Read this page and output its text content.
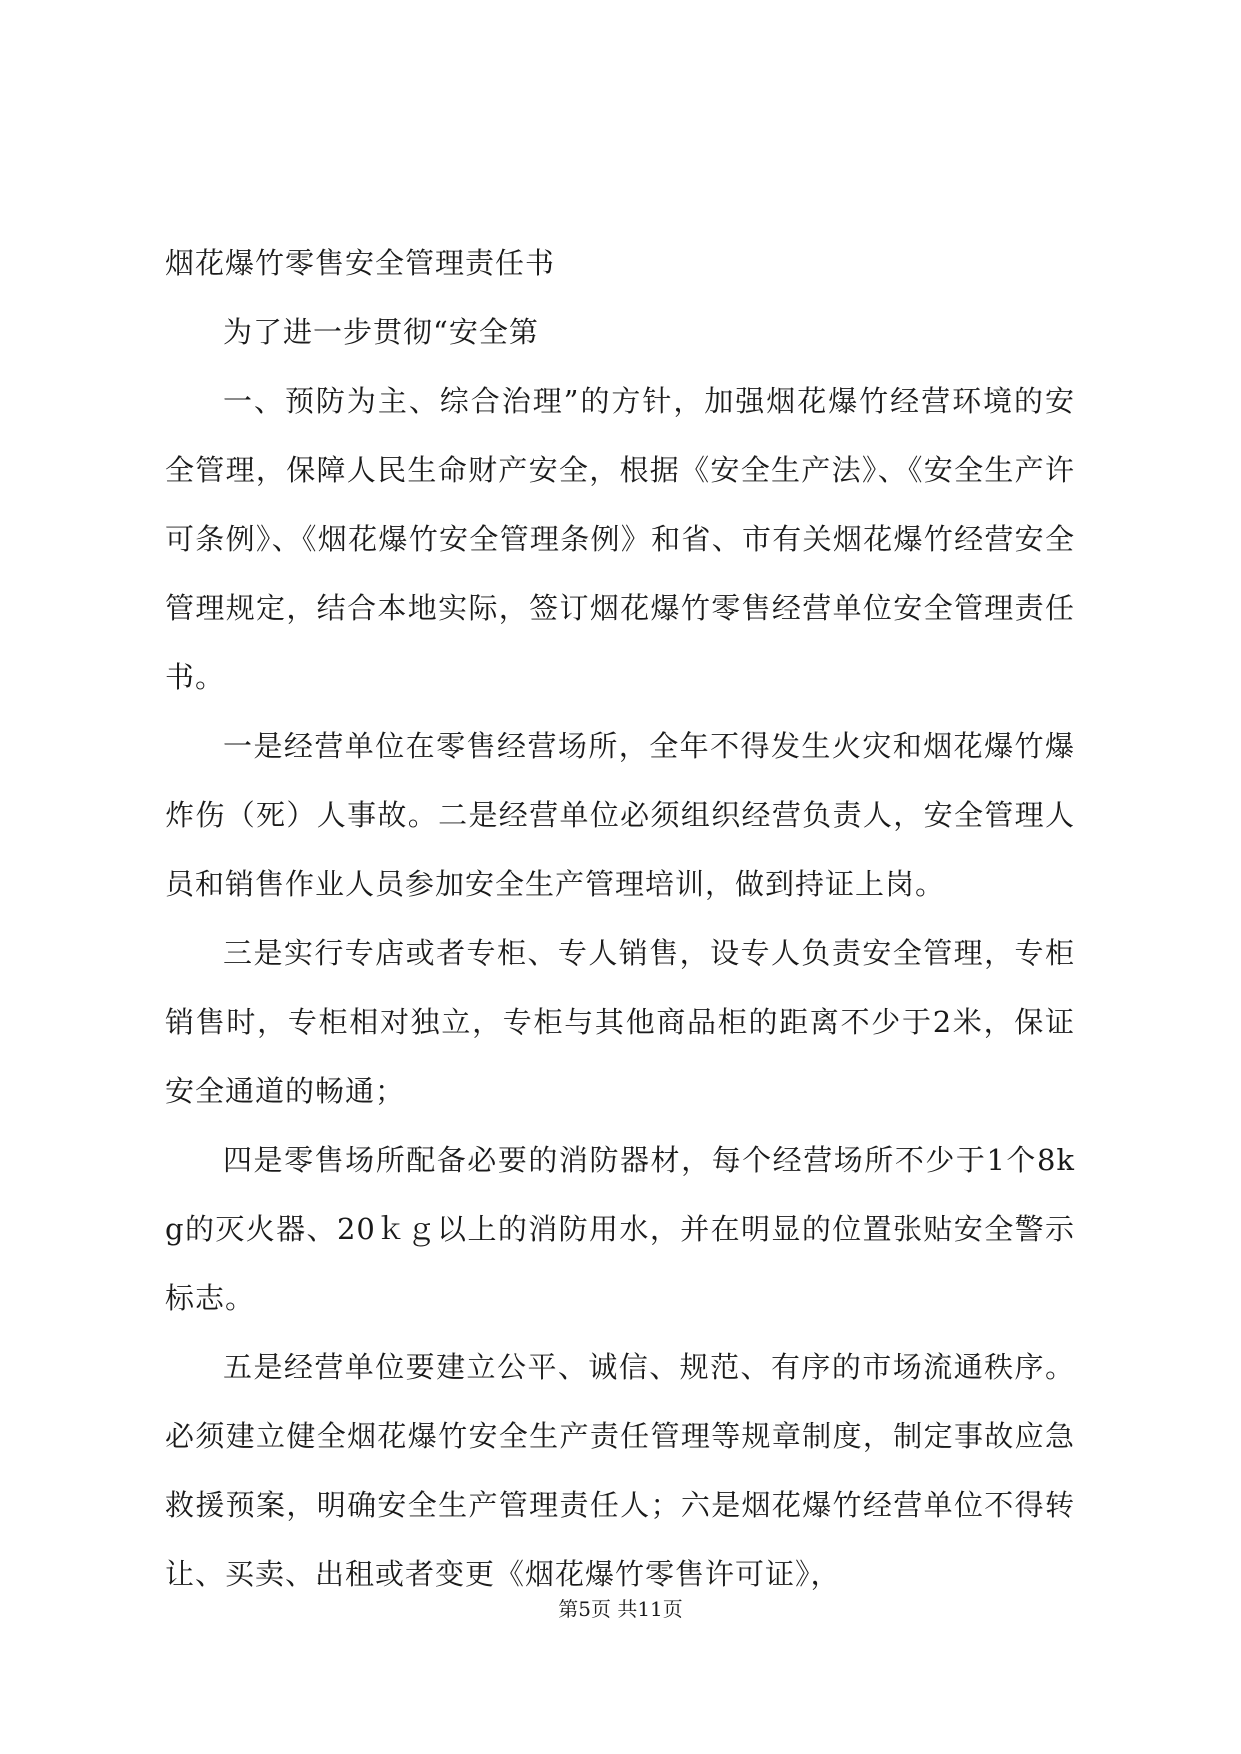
烟花爆竹零售安全管理责任书

为了进一步贯彻“安全第

一、预防为主、综合治理”的方针，加强烟花爆竹经营环境的安全管理，保障人民生命财产安全，根据《安全生产法》、《安全生产许可条例》、《烟花爆竹安全管理条例》和省、市有关烟花爆竹经营安全管理规定，结合本地实际，签订烟花爆竹零售经营单位安全管理责任书。

一是经营单位在零售经营场所，全年不得发生火灾和烟花爆竹爆炸伤（死）人事故。二是经营单位必须组织经营负责人，安全管理人员和销售作业人员参加安全生产管理培训，做到持证上岗。

三是实行专店或者专柜、专人销售，设专人负责安全管理，专柜销售时，专柜相对独立，专柜与其他商品柜的距离不少于2米，保证安全通道的畅通；

四是零售场所配备必要的消防器材，每个经营场所不少于1个8kg的灭火器、20ｋｇ以上的消防用水，并在明显的位置张贴安全警示标志。

五是经营单位要建立公平、诚信、规范、有序的市场流通秩序。必须建立健全烟花爆竹安全生产责任管理等规章制度，制定事故应急救援预案，明确安全生产管理责任人；六是烟花爆竹经营单位不得转让、买卖、出租或者变更《烟花爆竹零售许可证》，

第5页 共11页
